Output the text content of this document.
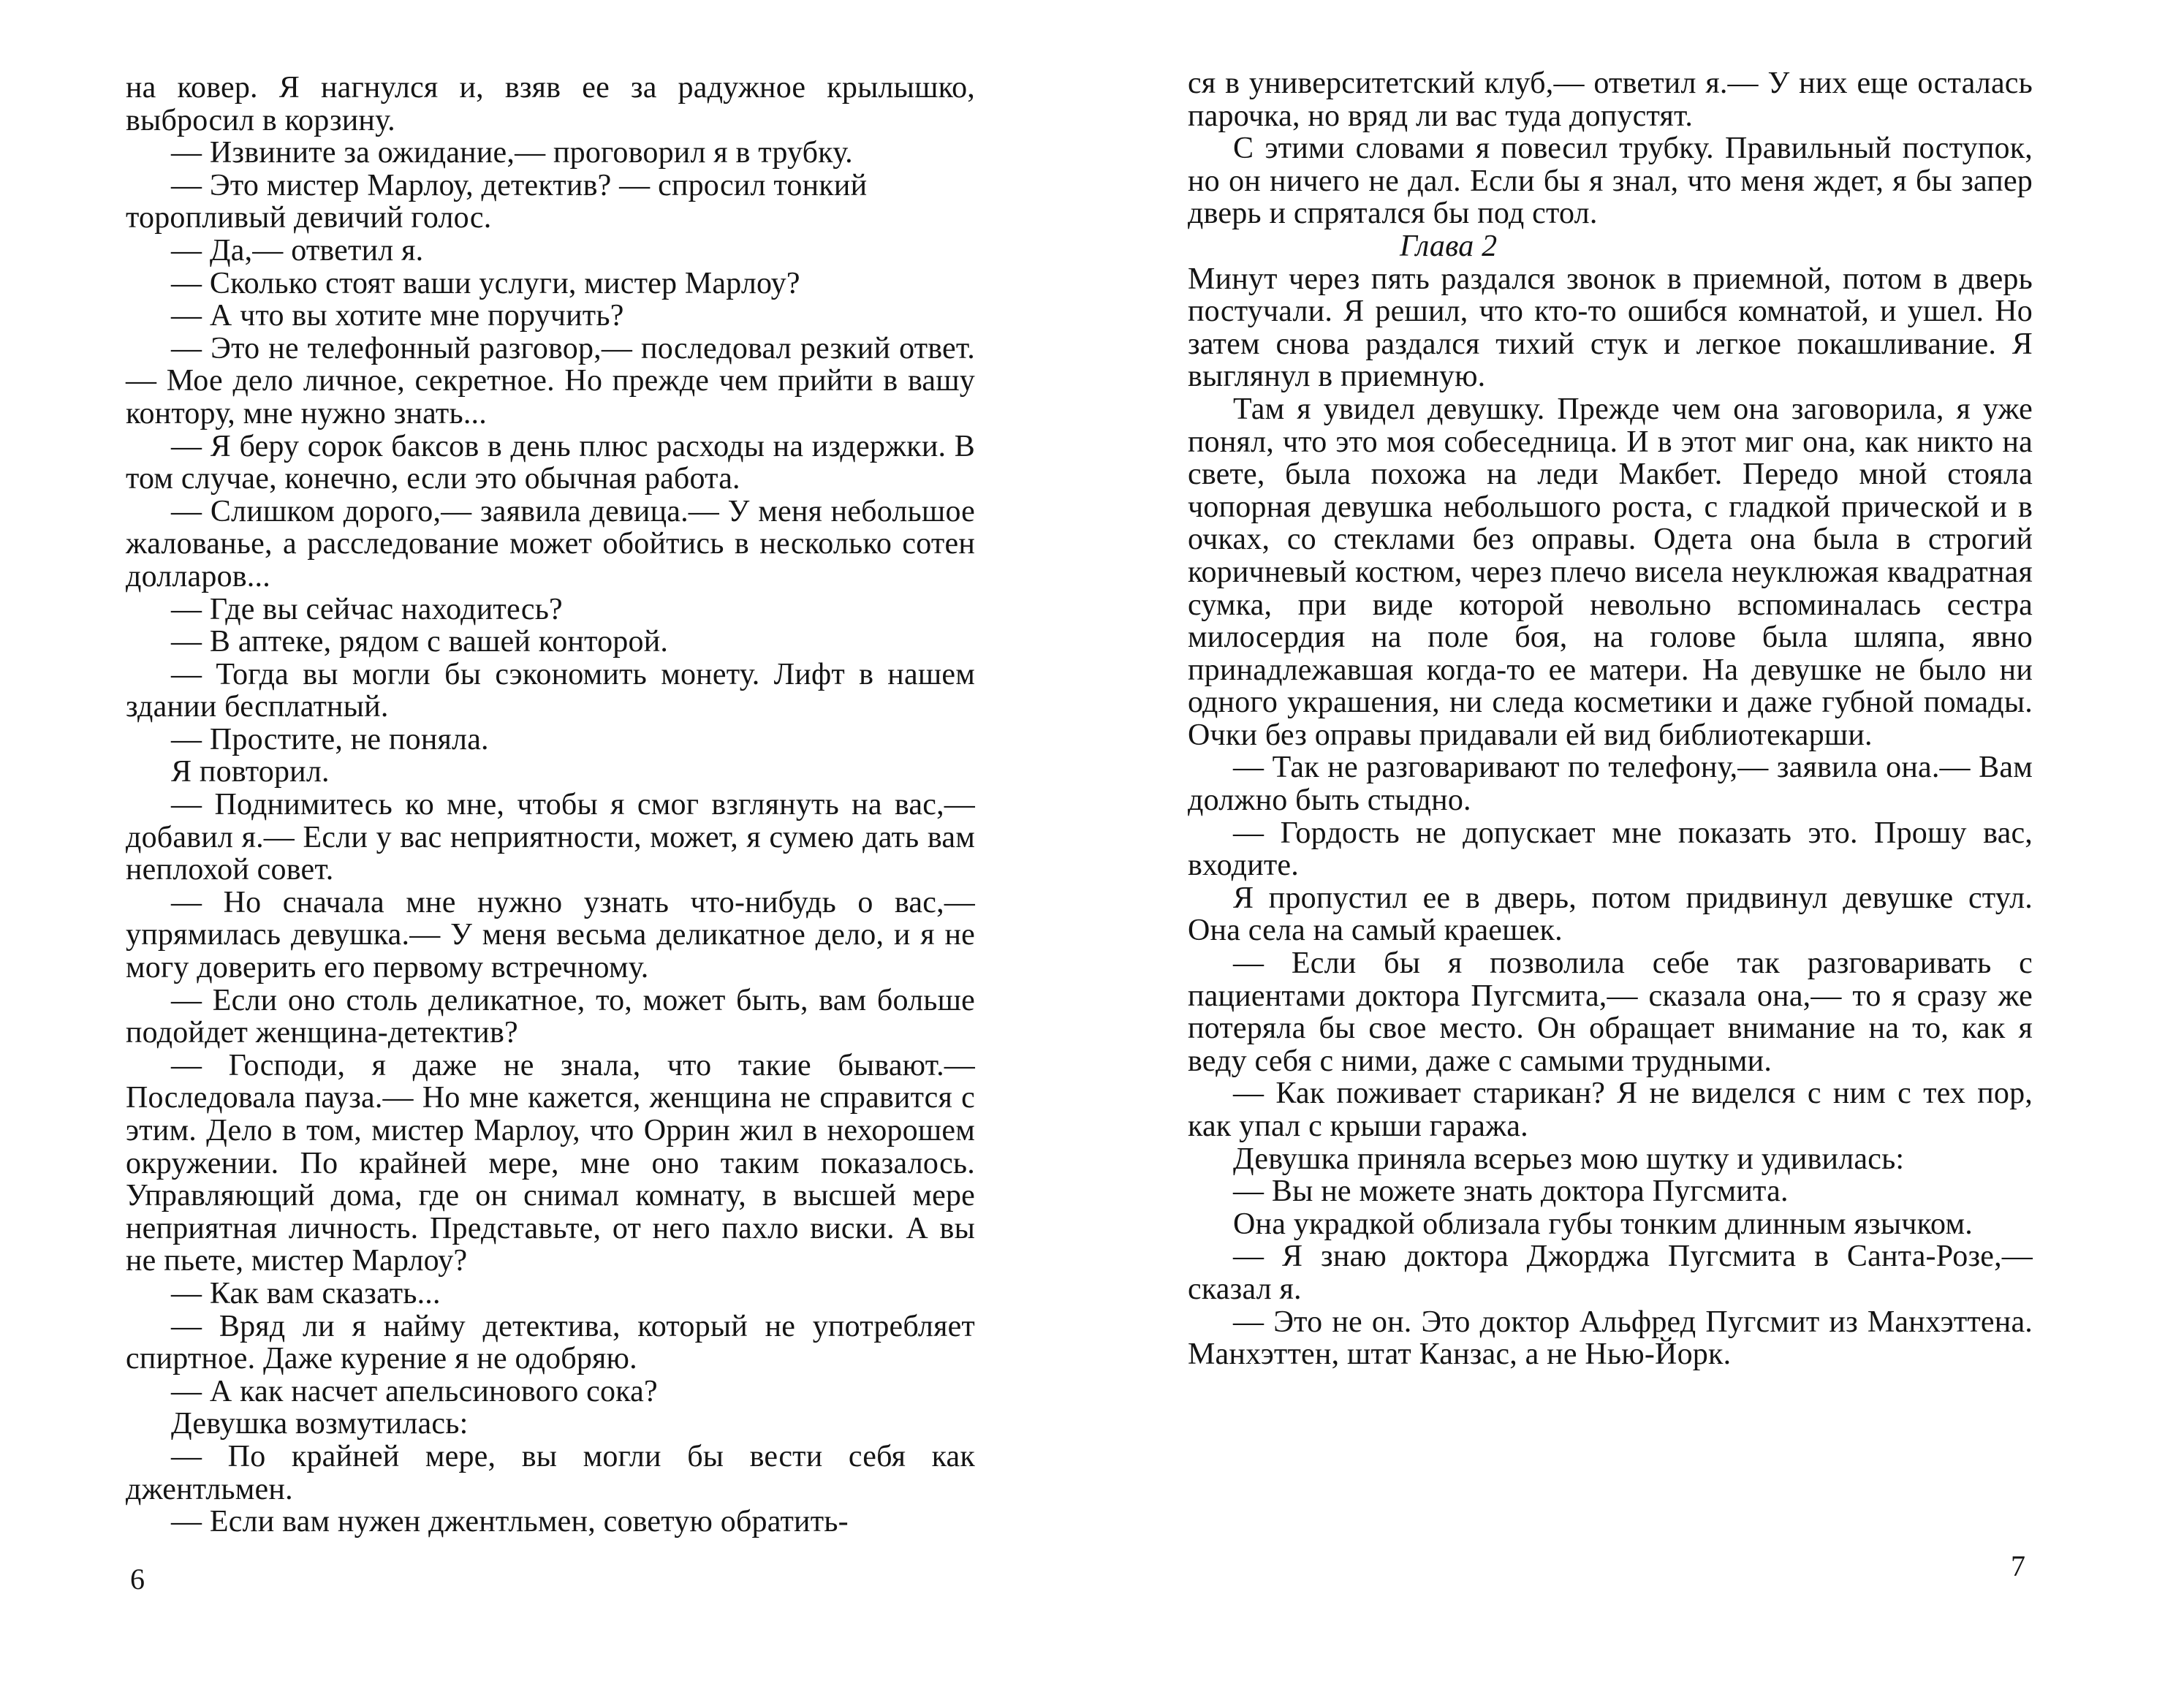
на ковер. Я нагнулся и, взяв ее за радужное крылышко, выбросил в корзину.

— Извините за ожидание,— проговорил я в трубку.

— Это мистер Марлоу, детектив? — спросил тонкий
торопливый девичий голос.

— Да,— ответил я.

— Сколько стоят ваши услуги, мистер Марлоу?

— А что вы хотите мне поручить?

— Это не телефонный разговор,— последовал резкий ответ.— Мое дело личное, секретное. Но прежде чем прийти в вашу контору, мне нужно знать...

— Я беру сорок баксов в день плюс расходы на издержки. В том случае, конечно, если это обычная работа.

— Слишком дорого,— заявила девица.— У меня небольшое жалованье, а расследование может обойтись в несколько сотен долларов...

— Где вы сейчас находитесь?

— В аптеке, рядом с вашей конторой.

— Тогда вы могли бы сэкономить монету. Лифт в нашем здании бесплатный.

— Простите, не поняла.

Я повторил.

— Поднимитесь ко мне, чтобы я смог взглянуть на вас,— добавил я.— Если у вас неприятности, может, я сумею дать вам неплохой совет.

— Но сначала мне нужно узнать что-нибудь о вас,— упрямилась девушка.— У меня весьма деликатное дело, и я не могу доверить его первому встречному.

— Если оно столь деликатное, то, может быть, вам больше подойдет женщина-детектив?

— Господи, я даже не знала, что такие бывают.— Последовала пауза.— Но мне кажется, женщина не справится с этим. Дело в том, мистер Марлоу, что Оррин жил в нехорошем окружении. По крайней мере, мне оно таким показалось. Управляющий дома, где он снимал комнату, в высшей мере неприятная личность. Представьте, от него пахло виски. А вы не пьете, мистер Марлоу?

— Как вам сказать...

— Вряд ли я найму детектива, который не употребляет спиртное. Даже курение я не одобряю.

— А как насчет апельсинового сока?

Девушка возмутилась:

— По крайней мере, вы могли бы вести себя как джентльмен.

— Если вам нужен джентльмен, советую обратить-

6

ся в университетский клуб,— ответил я.— У них еще осталась парочка, но вряд ли вас туда допустят.

С этими словами я повесил трубку. Правильный поступок, но он ничего не дал. Если бы я знал, что меня ждет, я бы запер дверь и спрятался бы под стол.

Глава 2

Минут через пять раздался звонок в приемной, потом в дверь постучали. Я решил, что кто-то ошибся комнатой, и ушел. Но затем снова раздался тихий стук и легкое покашливание. Я выглянул в приемную.

Там я увидел девушку. Прежде чем она заговорила, я уже понял, что это моя собеседница. И в этот миг она, как никто на свете, была похожа на леди Макбет. Передо мной стояла чопорная девушка небольшого роста, с гладкой прической и в очках, со стеклами без оправы. Одета она была в строгий коричневый костюм, через плечо висела неуклюжая квадратная сумка, при виде которой невольно вспоминалась сестра милосердия на поле боя, на голове была шляпа, явно принадлежавшая когда-то ее матери. На девушке не было ни одного украшения, ни следа косметики и даже губной помады. Очки без оправы придавали ей вид библиотекарши.

— Так не разговаривают по телефону,— заявила она.— Вам должно быть стыдно.

— Гордость не допускает мне показать это. Прошу вас, входите.

Я пропустил ее в дверь, потом придвинул девушке стул. Она села на самый краешек.

— Если бы я позволила себе так разговаривать с пациентами доктора Пугсмита,— сказала она,— то я сразу же потеряла бы свое место. Он обращает внимание на то, как я веду себя с ними, даже с самыми трудными.

— Как поживает старикан? Я не виделся с ним с тех пор, как упал с крыши гаража.

Девушка приняла всерьез мою шутку и удивилась:

— Вы не можете знать доктора Пугсмита.

Она украдкой облизала губы тонким длинным язычком.

— Я знаю доктора Джорджа Пугсмита в Санта-Розе,— сказал я.

— Это не он. Это доктор Альфред Пугсмит из Манхэттена. Манхэттен, штат Канзас, а не Нью-Йорк.

7
